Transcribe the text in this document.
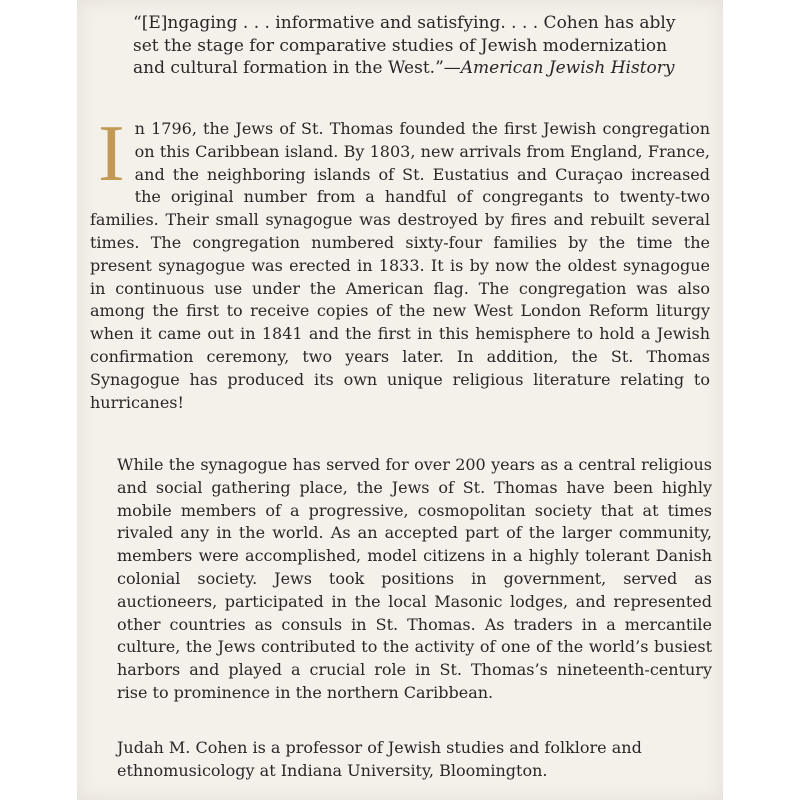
“[E]ngaging . . . informative and satisfying. . . . Cohen has ably set the stage for comparative studies of Jewish modernization and cultural formation in the West.”—American Jewish History
In 1796, the Jews of St. Thomas founded the first Jewish congregation on this Caribbean island. By 1803, new arrivals from England, France, and the neighboring islands of St. Eustatius and Curaçao increased the original number from a handful of congregants to twenty-two families. Their small synagogue was destroyed by fires and rebuilt several times. The congregation numbered sixty-four families by the time the present synagogue was erected in 1833. It is by now the oldest synagogue in continuous use under the American flag. The congregation was also among the first to receive copies of the new West London Reform liturgy when it came out in 1841 and the first in this hemisphere to hold a Jewish confirmation ceremony, two years later. In addition, the St. Thomas Synagogue has produced its own unique religious literature relating to hurricanes!
While the synagogue has served for over 200 years as a central religious and social gathering place, the Jews of St. Thomas have been highly mobile members of a progressive, cosmopolitan society that at times rivaled any in the world. As an accepted part of the larger community, members were accomplished, model citizens in a highly tolerant Danish colonial society. Jews took positions in government, served as auctioneers, participated in the local Masonic lodges, and represented other countries as consuls in St. Thomas. As traders in a mercantile culture, the Jews contributed to the activity of one of the world’s busiest harbors and played a crucial role in St. Thomas’s nineteenth-century rise to prominence in the northern Caribbean.
Judah M. Cohen is a professor of Jewish studies and folklore and ethnomusicology at Indiana University, Bloomington.
